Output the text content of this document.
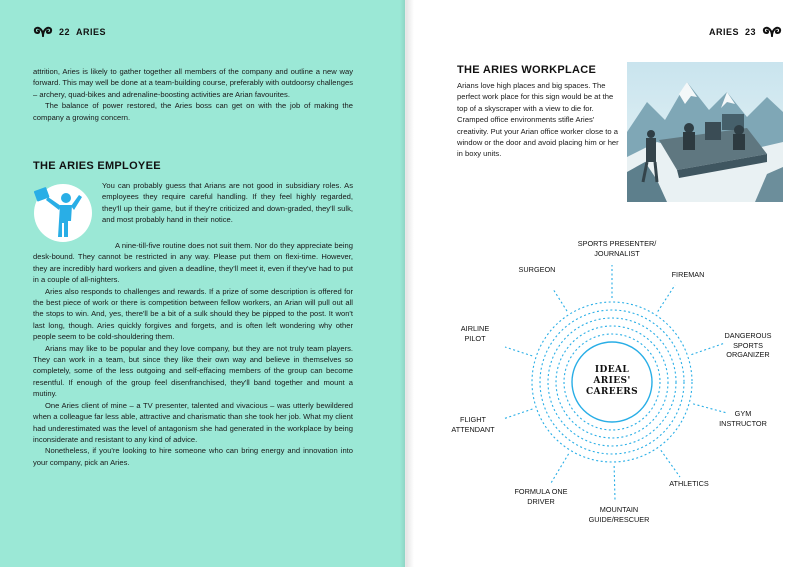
22 ARIES

attrition, Aries is likely to gather together all members of the company and outline a new way forward. This may well be done at a team-building course, preferably with outdoorsy challenges – archery, quad-bikes and adrenaline-boosting activities are Arian favourites.

The balance of power restored, the Aries boss can get on with the job of making the company a growing concern.

THE ARIES EMPLOYEE

You can probably guess that Arians are not good in subsidiary roles. As employees they require careful handling. If they feel highly regarded, they'll up their game, but if they're criticized and down-graded, they'll sulk, and most probably hand in their notice.

A nine-till-five routine does not suit them. Nor do they appreciate being desk-bound. They cannot be restricted in any way. Please put them on flexi-time. However, they are incredibly hard workers and given a deadline, they'll meet it, even if they've had to put in a couple of all-nighters.

Aries also responds to challenges and rewards. If a prize of some description is offered for the best piece of work or there is competition between fellow workers, an Arian will pull out all the stops to win. And, yes, there'll be a bit of a sulk should they be pipped to the post. It won't last long, though. Aries quickly forgives and forgets, and is often left wondering why other people seem to be cold-shouldering them.

Arians may like to be popular and they love company, but they are not truly team players. They can work in a team, but since they like their own way and believe in themselves so completely, some of the less outgoing and self-effacing members of the group can become resentful. If enough of the group feel disenfranchised, they'll band together and mount a mutiny.

One Aries client of mine – a TV presenter, talented and vivacious – was utterly bewildered when a colleague far less able, attractive and charismatic than she took her job. What my client had underestimated was the level of antagonism she had generated in the workplace by being inconsiderate and resistant to any kind of advice.

Nonetheless, if you're looking to hire someone who can bring energy and innovation into your company, pick an Aries.

ARIES 23
THE ARIES WORKPLACE

Arians love high places and big spaces. The perfect work place for this sign would be at the top of a skyscraper with a view to die for. Cramped office environments stifle Aries' creativity. Put your Arian office worker close to a window or the door and avoid placing him or her in boxy units.

IDEAL
ARIES'
CAREERS
SPORTS PRESENTER/
JOURNALIST
FIREMAN
DANGEROUS
SPORTS
ORGANIZER
GYM
INSTRUCTOR
ATHLETICS
MOUNTAIN
GUIDE/RESCUER
FORMULA ONE
DRIVER
FLIGHT
ATTENDANT
AIRLINE
PILOT
SURGEON
